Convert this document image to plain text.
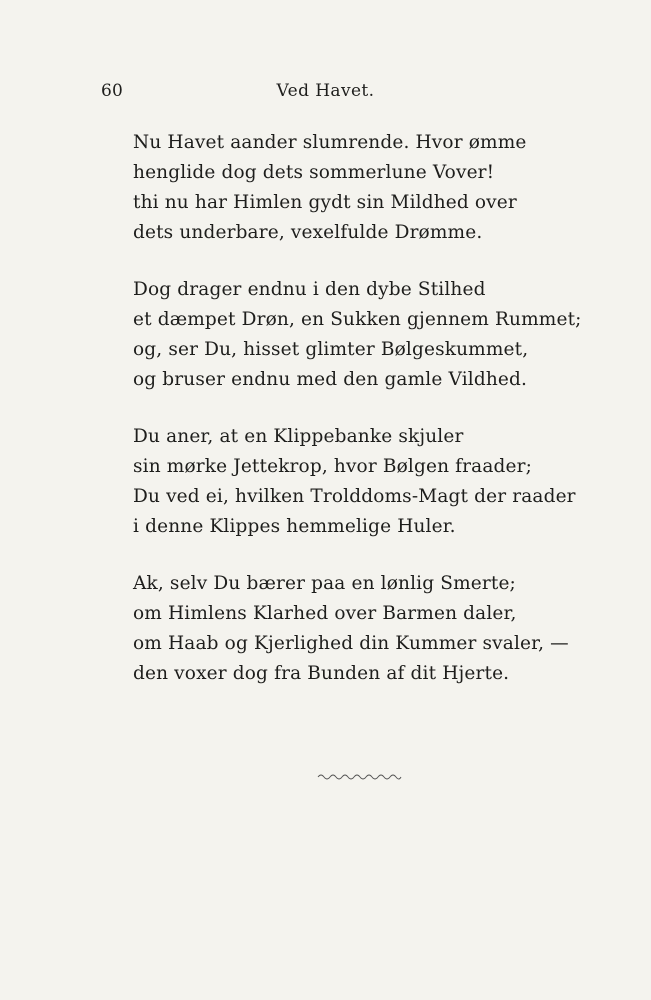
60	Ved Havet.
Nu Havet aander slumrende. Hvor ømme
henglide dog dets sommerlune Vover!
thi nu har Himlen gydt sin Mildhed over
dets underbare, vexelfulde Drømme.
Dog drager endnu i den dybe Stilhed
et dæmpet Drøn, en Sukken gjennem Rummet;
og, ser Du, hisset glimter Bølgeskummet,
og bruser endnu med den gamle Vildhed.
Du aner, at en Klippebanke skjuler
sin mørke Jettekrop, hvor Bølgen fraader;
Du ved ei, hvilken Trolddoms-Magt der raader
i denne Klippes hemmelige Huler.
Ak, selv Du bærer paa en lønlig Smerte;
om Himlens Klarhed over Barmen daler,
om Haab og Kjerlighed din Kummer svaler, —
den voxer dog fra Bunden af dit Hjerte.
